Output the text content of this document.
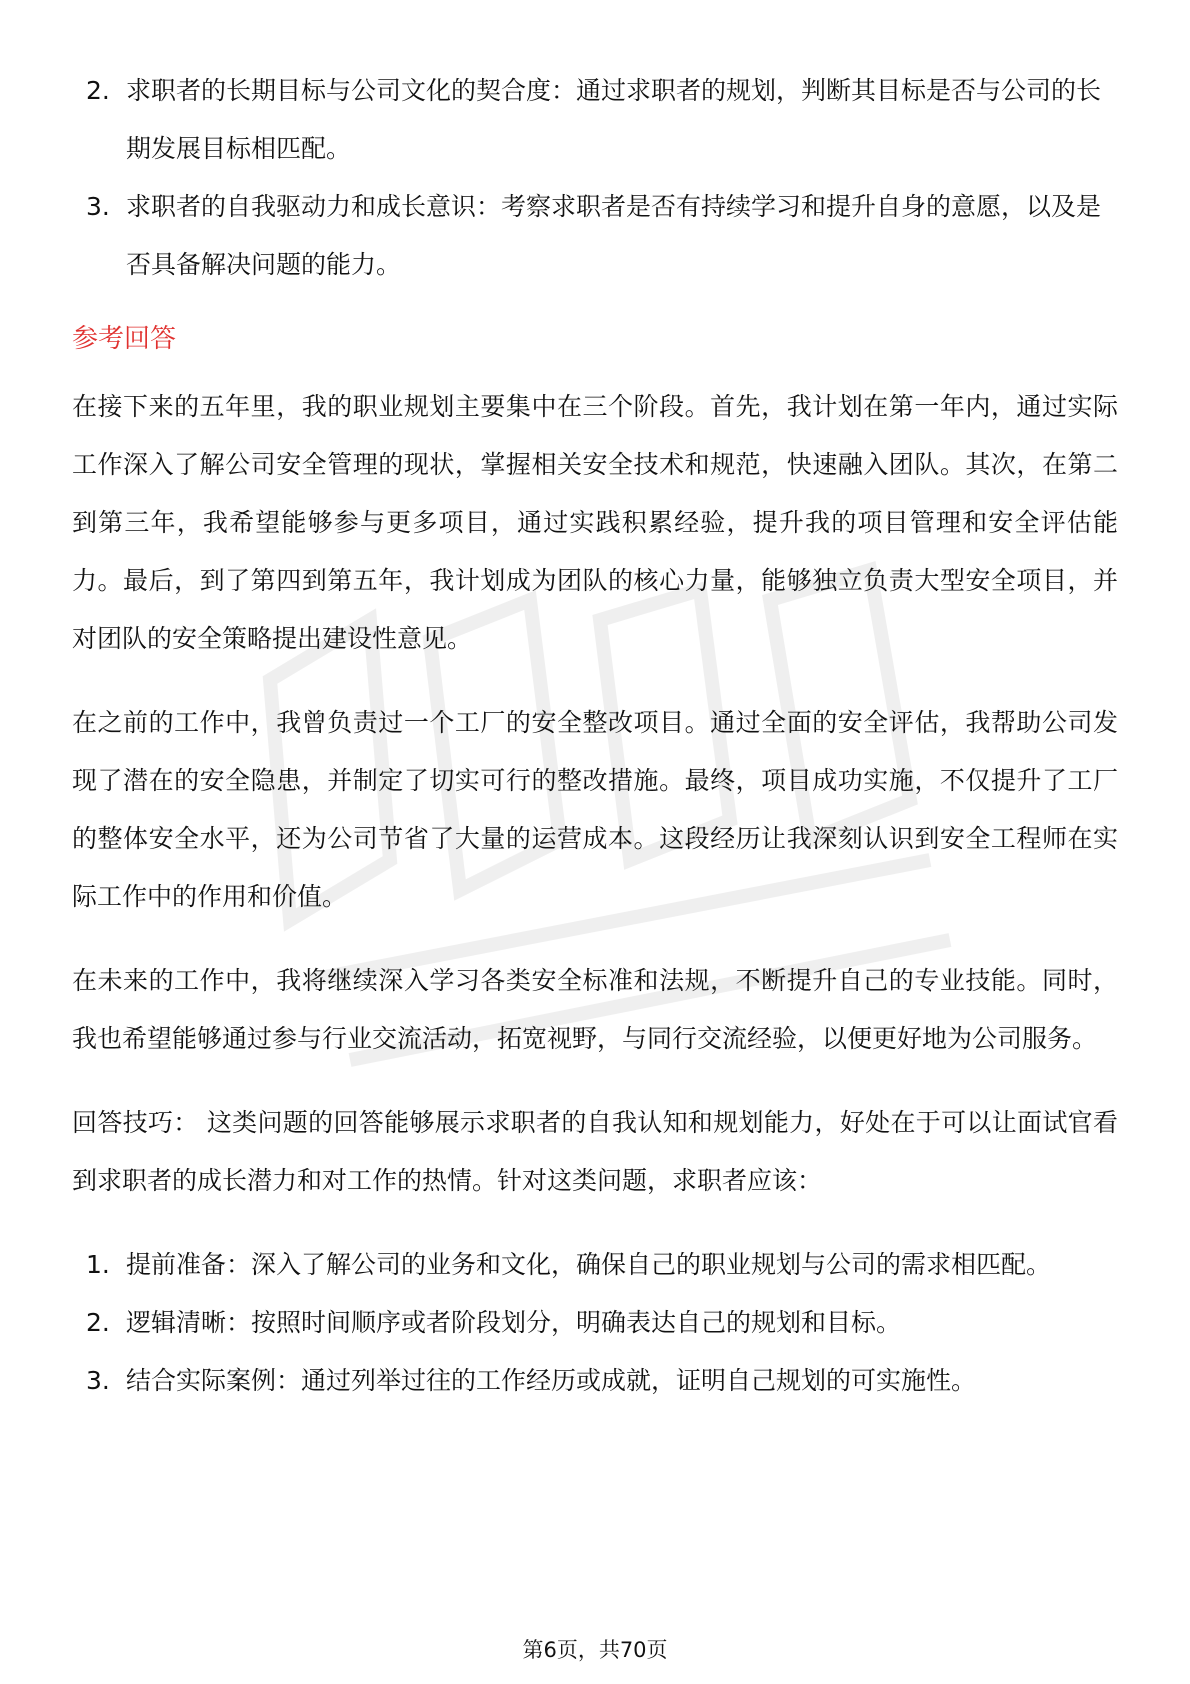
2. 求职者的长期目标与公司文化的契合度：通过求职者的规划，判断其目标是否与公司的长期发展目标相匹配。
3. 求职者的自我驱动力和成长意识：考察求职者是否有持续学习和提升自身的意愿，以及是否具备解决问题的能力。
参考回答

在接下来的五年里，我的职业规划主要集中在三个阶段。首先，我计划在第一年内，通过实际工作深入了解公司安全管理的现状，掌握相关安全技术和规范，快速融入团队。其次，在第二到第三年，我希望能够参与更多项目，通过实践积累经验，提升我的项目管理和安全评估能力。最后，到了第四到第五年，我计划成为团队的核心力量，能够独立负责大型安全项目，并对团队的安全策略提出建设性意见。

在之前的工作中，我曾负责过一个工厂的安全整改项目。通过全面的安全评估，我帮助公司发现了潜在的安全隐患，并制定了切实可行的整改措施。最终，项目成功实施，不仅提升了工厂的整体安全水平，还为公司节省了大量的运营成本。这段经历让我深刻认识到安全工程师在实际工作中的作用和价值。

在未来的工作中，我将继续深入学习各类安全标准和法规，不断提升自己的专业技能。同时，我也希望能够通过参与行业交流活动，拓宽视野，与同行交流经验，以便更好地为公司服务。

回答技巧： 这类问题的回答能够展示求职者的自我认知和规划能力，好处在于可以让面试官看到求职者的成长潜力和对工作的热情。针对这类问题，求职者应该：

1. 提前准备：深入了解公司的业务和文化，确保自己的职业规划与公司的需求相匹配。
2. 逻辑清晰：按照时间顺序或者阶段划分，明确表达自己的规划和目标。
3. 结合实际案例：通过列举过往的工作经历或成就，证明自己规划的可实施性。
第6页，共70页
